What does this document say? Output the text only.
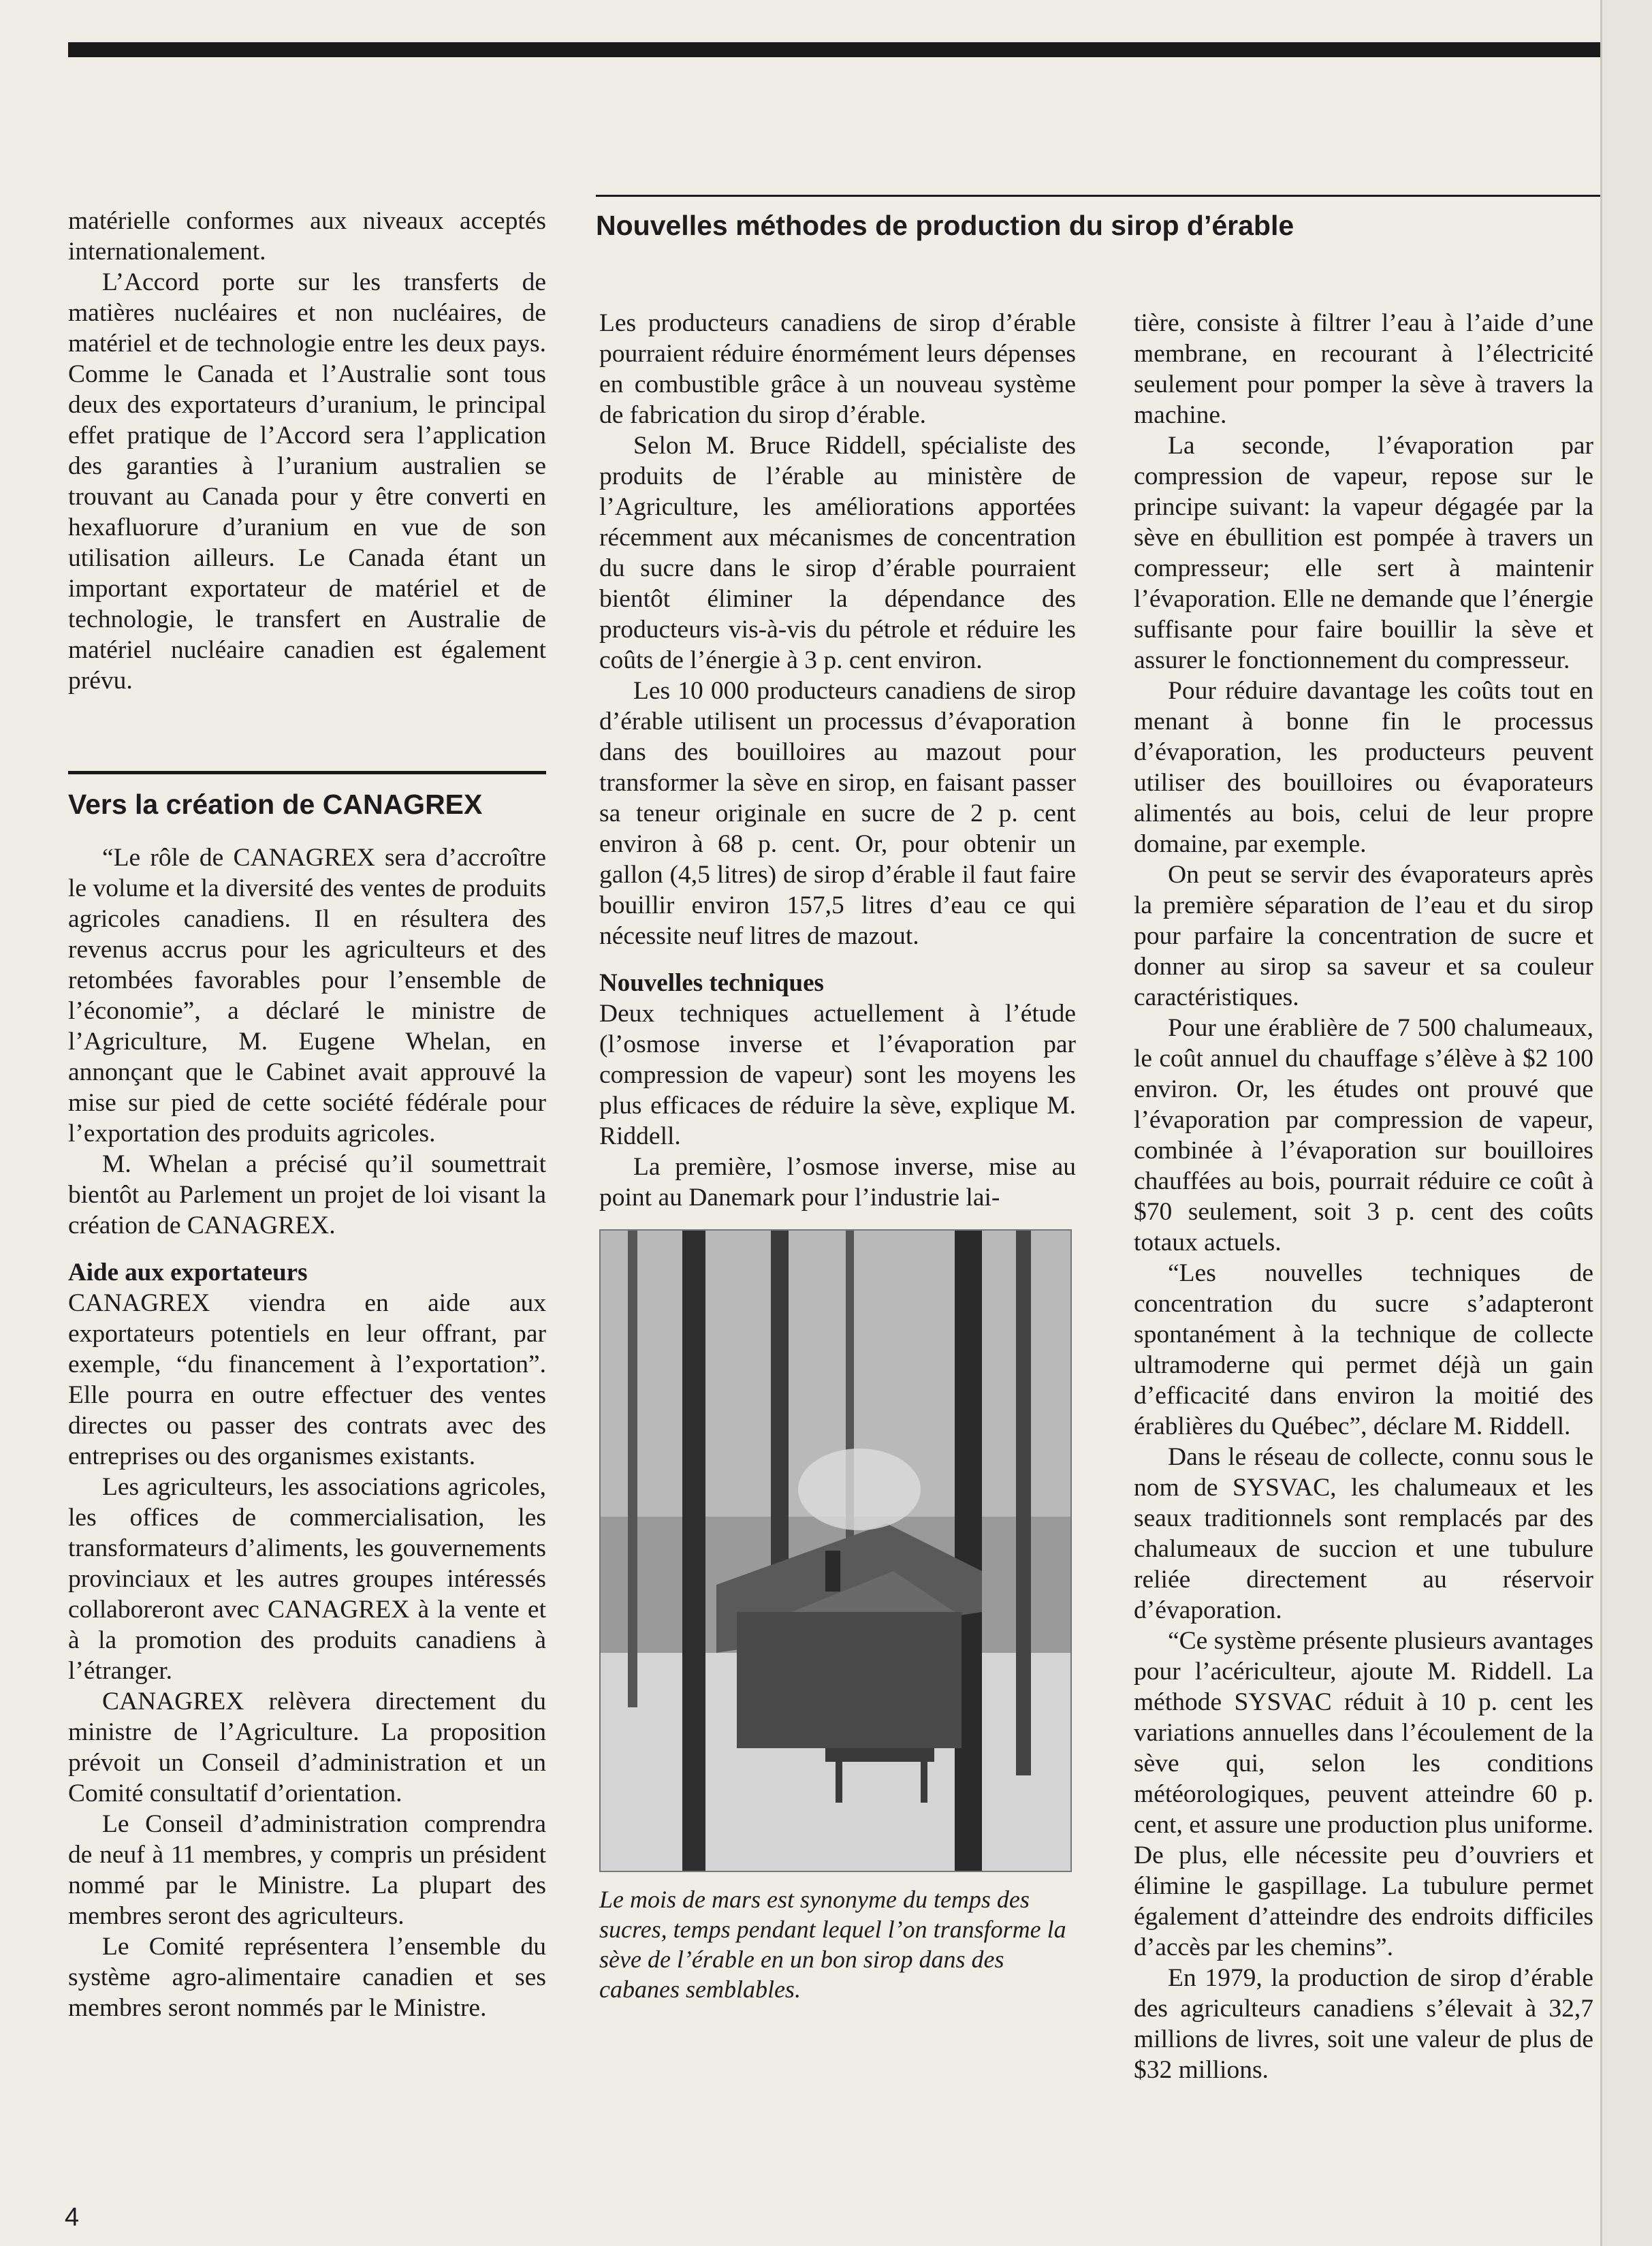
matérielle conformes aux niveaux acceptés internationalement.

L’Accord porte sur les transferts de matières nucléaires et non nucléaires, de matériel et de technologie entre les deux pays. Comme le Canada et l’Australie sont tous deux des exportateurs d’uranium, le principal effet pratique de l’Accord sera l’application des garanties à l’uranium australien se trouvant au Canada pour y être converti en hexafluorure d’uranium en vue de son utilisation ailleurs. Le Canada étant un important exportateur de matériel et de technologie, le transfert en Australie de matériel nucléaire canadien est également prévu.

Vers la création de CANAGREX

“Le rôle de CANAGREX sera d’accroître le volume et la diversité des ventes de produits agricoles canadiens. Il en résultera des revenus accrus pour les agriculteurs et des retombées favorables pour l’ensemble de l’économie”, a déclaré le ministre de l’Agriculture, M. Eugene Whelan, en annonçant que le Cabinet avait approuvé la mise sur pied de cette société fédérale pour l’exportation des produits agricoles.

M. Whelan a précisé qu’il soumettrait bientôt au Parlement un projet de loi visant la création de CANAGREX.

Aide aux exportateurs

CANAGREX viendra en aide aux exportateurs potentiels en leur offrant, par exemple, “du financement à l’exportation”. Elle pourra en outre effectuer des ventes directes ou passer des contrats avec des entreprises ou des organismes existants.

Les agriculteurs, les associations agricoles, les offices de commercialisation, les transformateurs d’aliments, les gouvernements provinciaux et les autres groupes intéressés collaboreront avec CANAGREX à la vente et à la promotion des produits canadiens à l’étranger.

CANAGREX relèvera directement du ministre de l’Agriculture. La proposition prévoit un Conseil d’administration et un Comité consultatif d’orientation.

Le Conseil d’administration comprendra de neuf à 11 membres, y compris un président nommé par le Ministre. La plupart des membres seront des agriculteurs.

Le Comité représentera l’ensemble du système agro-alimentaire canadien et ses membres seront nommés par le Ministre.

Nouvelles méthodes de production du sirop d’érable

Les producteurs canadiens de sirop d’érable pourraient réduire énormément leurs dépenses en combustible grâce à un nouveau système de fabrication du sirop d’érable.

Selon M. Bruce Riddell, spécialiste des produits de l’érable au ministère de l’Agriculture, les améliorations apportées récemment aux mécanismes de concentration du sucre dans le sirop d’érable pourraient bientôt éliminer la dépendance des producteurs vis-à-vis du pétrole et réduire les coûts de l’énergie à 3 p. cent environ.

Les 10 000 producteurs canadiens de sirop d’érable utilisent un processus d’évaporation dans des bouilloires au mazout pour transformer la sève en sirop, en faisant passer sa teneur originale en sucre de 2 p. cent environ à 68 p. cent. Or, pour obtenir un gallon (4,5 litres) de sirop d’érable il faut faire bouillir environ 157,5 litres d’eau ce qui nécessite neuf litres de mazout.

Nouvelles techniques

Deux techniques actuellement à l’étude (l’osmose inverse et l’évaporation par compression de vapeur) sont les moyens les plus efficaces de réduire la sève, explique M. Riddell.

La première, l’osmose inverse, mise au point au Danemark pour l’industrie lai-

Le mois de mars est synonyme du temps des sucres, temps pendant lequel l’on transforme la sève de l’érable en un bon sirop dans des cabanes semblables.

tière, consiste à filtrer l’eau à l’aide d’une membrane, en recourant à l’électricité seulement pour pomper la sève à travers la machine.

La seconde, l’évaporation par compression de vapeur, repose sur le principe suivant: la vapeur dégagée par la sève en ébullition est pompée à travers un compresseur; elle sert à maintenir l’évaporation. Elle ne demande que l’énergie suffisante pour faire bouillir la sève et assurer le fonctionnement du compresseur.

Pour réduire davantage les coûts tout en menant à bonne fin le processus d’évaporation, les producteurs peuvent utiliser des bouilloires ou évaporateurs alimentés au bois, celui de leur propre domaine, par exemple.

On peut se servir des évaporateurs après la première séparation de l’eau et du sirop pour parfaire la concentration de sucre et donner au sirop sa saveur et sa couleur caractéristiques.

Pour une érablière de 7 500 chalumeaux, le coût annuel du chauffage s’élève à $2 100 environ. Or, les études ont prouvé que l’évaporation par compression de vapeur, combinée à l’évaporation sur bouilloires chauffées au bois, pourrait réduire ce coût à $70 seulement, soit 3 p. cent des coûts totaux actuels.

“Les nouvelles techniques de concentration du sucre s’adapteront spontanément à la technique de collecte ultramoderne qui permet déjà un gain d’efficacité dans environ la moitié des érablières du Québec”, déclare M. Riddell.

Dans le réseau de collecte, connu sous le nom de SYSVAC, les chalumeaux et les seaux traditionnels sont remplacés par des chalumeaux de succion et une tubulure reliée directement au réservoir d’évaporation.

“Ce système présente plusieurs avantages pour l’acériculteur, ajoute M. Riddell. La méthode SYSVAC réduit à 10 p. cent les variations annuelles dans l’écoulement de la sève qui, selon les conditions météorologiques, peuvent atteindre 60 p. cent, et assure une production plus uniforme. De plus, elle nécessite peu d’ouvriers et élimine le gaspillage. La tubulure permet également d’atteindre des endroits difficiles d’accès par les chemins”.

En 1979, la production de sirop d’érable des agriculteurs canadiens s’élevait à 32,7 millions de livres, soit une valeur de plus de $32 millions.

4
